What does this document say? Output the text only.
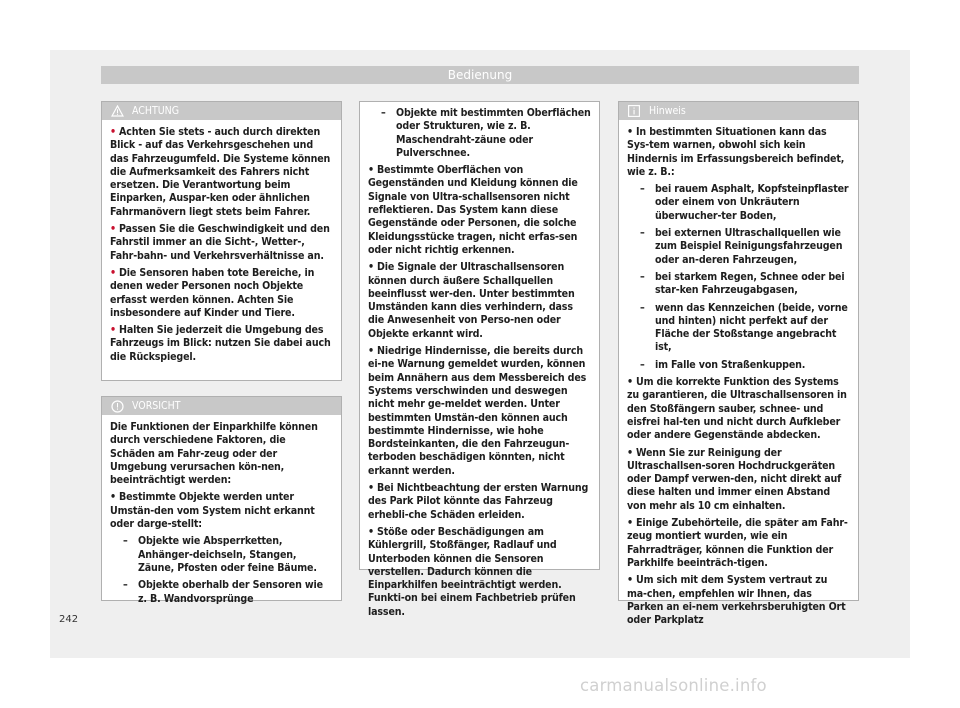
Bedienung
ACHTUNG
• Achten Sie stets - auch durch direkten Blick - auf das Verkehrsgeschehen und das Fahrzeugumfeld. Die Systeme können die Aufmerksamkeit des Fahrers nicht ersetzen. Die Verantwortung beim Einparken, Auspar-ken oder ähnlichen Fahrmanövern liegt stets beim Fahrer.
• Passen Sie die Geschwindigkeit und den Fahrstil immer an die Sicht-, Wetter-, Fahr-bahn- und Verkehrsverhältnisse an.
• Die Sensoren haben tote Bereiche, in denen weder Personen noch Objekte erfasst werden können. Achten Sie insbesondere auf Kinder und Tiere.
• Halten Sie jederzeit die Umgebung des Fahrzeugs im Blick: nutzen Sie dabei auch die Rückspiegel.
VORSICHT
Die Funktionen der Einparkhilfe können durch verschiedene Faktoren, die Schäden am Fahr-zeug oder der Umgebung verursachen kön-nen, beeinträchtigt werden:
• Bestimmte Objekte werden unter Umstän-den vom System nicht erkannt oder darge-stellt:
– Objekte wie Absperrketten, Anhänger-deichseln, Stangen, Zäune, Pfosten oder feine Bäume.
– Objekte oberhalb der Sensoren wie z. B. Wandvorsprünge
– Objekte mit bestimmten Oberflächen oder Strukturen, wie z. B. Maschendraht-zäune oder Pulverschnee.
• Bestimmte Oberflächen von Gegenständen und Kleidung können die Signale von Ultra-schallsensoren nicht reflektieren. Das System kann diese Gegenstände oder Personen, die solche Kleidungsstücke tragen, nicht erfas-sen oder nicht richtig erkennen.
• Die Signale der Ultraschallsensoren können durch äußere Schallquellen beeinflusst wer-den. Unter bestimmten Umständen kann dies verhindern, dass die Anwesenheit von Perso-nen oder Objekte erkannt wird.
• Niedrige Hindernisse, die bereits durch ei-ne Warnung gemeldet wurden, können beim Annähern aus dem Messbereich des Systems verschwinden und deswegen nicht mehr ge-meldet werden. Unter bestimmten Umstän-den können auch bestimmte Hindernisse, wie hohe Bordsteinkanten, die den Fahrzeugun-terboden beschädigen könnten, nicht erkannt werden.
• Bei Nichtbeachtung der ersten Warnung des Park Pilot könnte das Fahrzeug erhebli-che Schäden erleiden.
• Stöße oder Beschädigungen am Kühlergrill, Stoßfänger, Radlauf und Unterboden können die Sensoren verstellen. Dadurch können die Einparkhilfen beeinträchtigt werden. Funkti-on bei einem Fachbetrieb prüfen lassen.
Hinweis
• In bestimmten Situationen kann das Sys-tem warnen, obwohl sich kein Hindernis im Erfassungsbereich befindet, wie z. B.:
– bei rauem Asphalt, Kopfsteinpflaster oder einem von Unkräutern überwucher-ter Boden,
– bei externen Ultraschallquellen wie zum Beispiel Reinigungsfahrzeugen oder an-deren Fahrzeugen,
– bei starkem Regen, Schnee oder bei star-ken Fahrzeugabgasen,
– wenn das Kennzeichen (beide, vorne und hinten) nicht perfekt auf der Fläche der Stoßstange angebracht ist,
– im Falle von Straßenkuppen.
• Um die korrekte Funktion des Systems zu garantieren, die Ultraschallsensoren in den Stoßfängern sauber, schnee- und eisfrei hal-ten und nicht durch Aufkleber oder andere Gegenstände abdecken.
• Wenn Sie zur Reinigung der Ultraschallsen-soren Hochdruckgeräten oder Dampf verwen-den, nicht direkt auf diese halten und immer einen Abstand von mehr als 10 cm einhalten.
• Einige Zubehörteile, die später am Fahr-zeug montiert wurden, wie ein Fahrradträger, können die Funktion der Parkhilfe beeinträch-tigen.
• Um sich mit dem System vertraut zu ma-chen, empfehlen wir Ihnen, das Parken an ei-nem verkehrsberuhigten Ort oder Parkplatz
242
carmanualsonline.info
